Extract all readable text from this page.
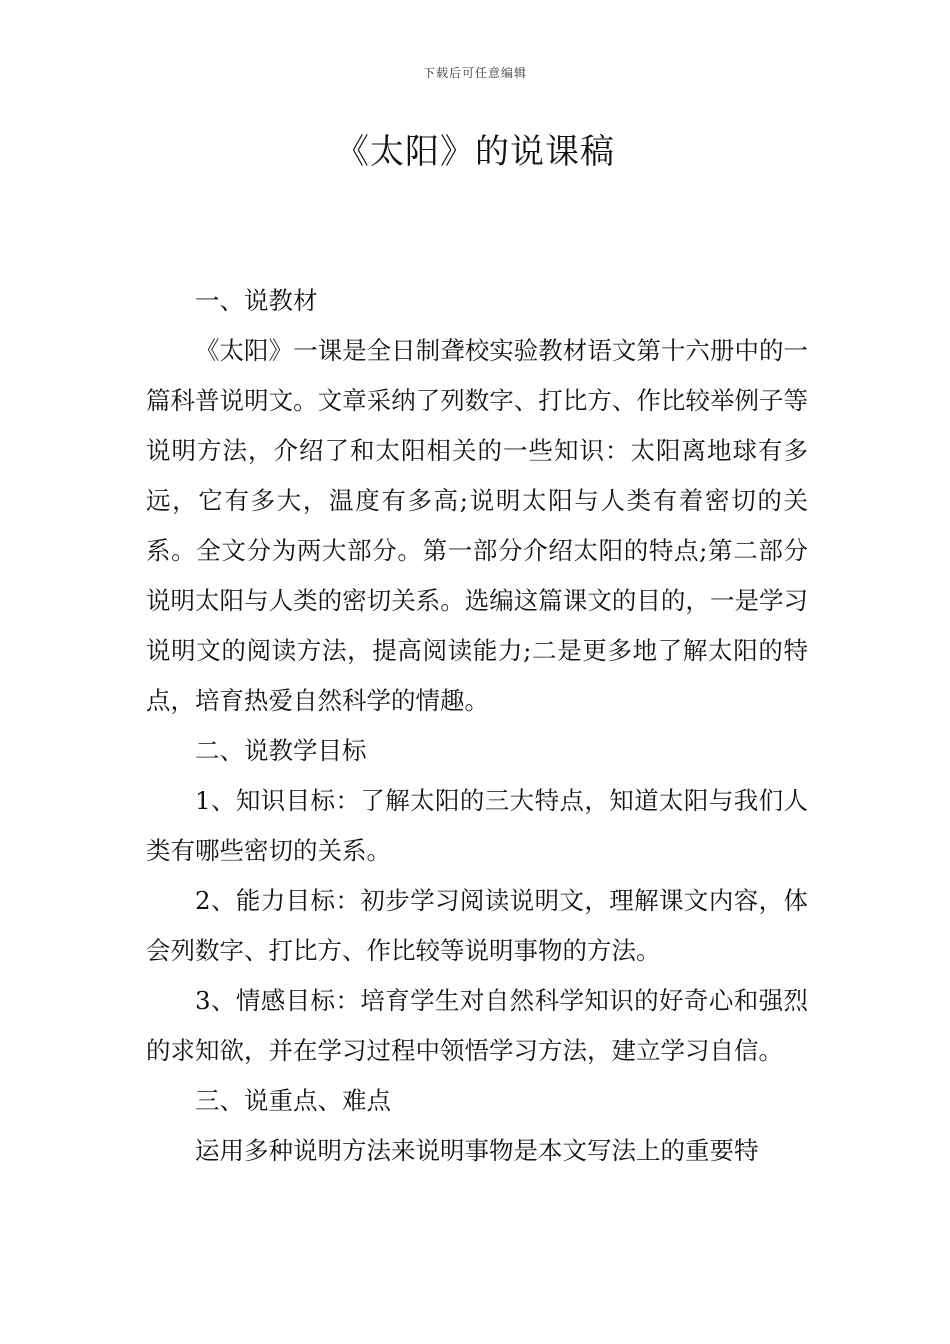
下载后可任意编辑
《太阳》的说课稿

一、说教材

《太阳》一课是全日制聋校实验教材语文第十六册中的一篇科普说明文。文章采纳了列数字、打比方、作比较举例子等说明方法，介绍了和太阳相关的一些知识：太阳离地球有多远，它有多大，温度有多高;说明太阳与人类有着密切的关系。全文分为两大部分。第一部分介绍太阳的特点;第二部分说明太阳与人类的密切关系。选编这篇课文的目的，一是学习说明文的阅读方法，提高阅读能力;二是更多地了解太阳的特点，培育热爱自然科学的情趣。

二、说教学目标

1、知识目标：了解太阳的三大特点，知道太阳与我们人类有哪些密切的关系。

2、能力目标：初步学习阅读说明文，理解课文内容，体会列数字、打比方、作比较等说明事物的方法。

3、情感目标：培育学生对自然科学知识的好奇心和强烈的求知欲，并在学习过程中领悟学习方法，建立学习自信。

三、说重点、难点

运用多种说明方法来说明事物是本文写法上的重要特
